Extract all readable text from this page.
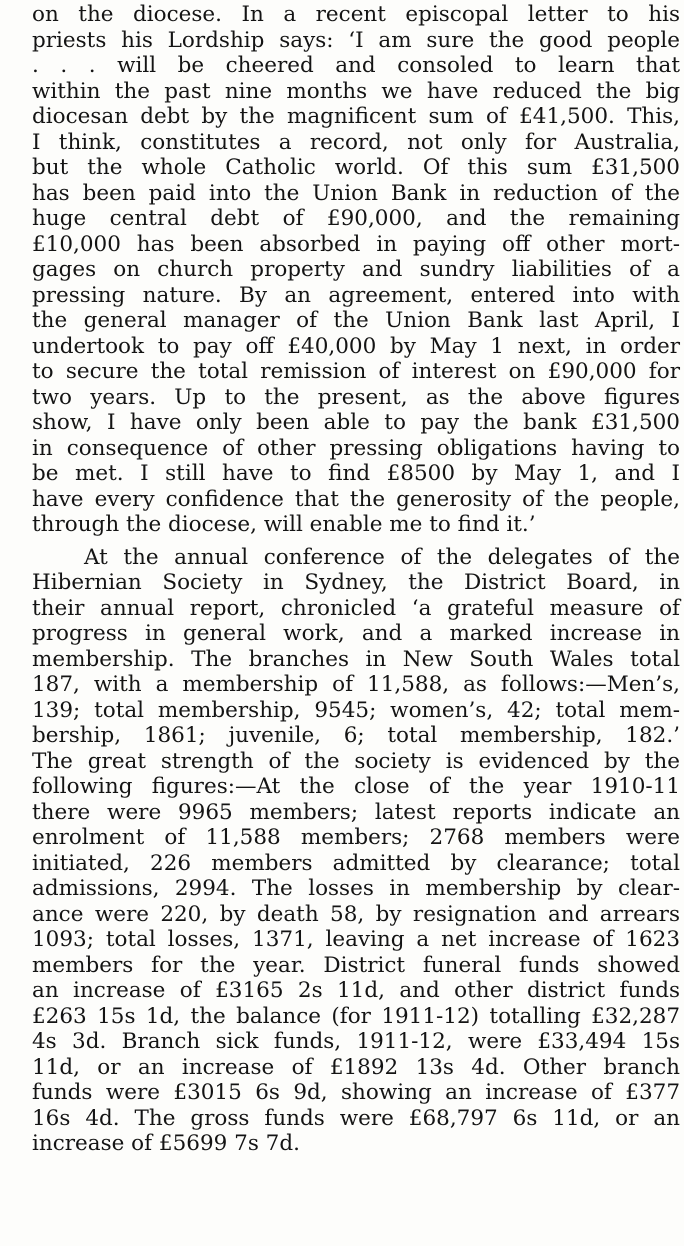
on the diocese. In a recent episcopal letter to his
priests his Lordship says: ‘I am sure the good people
. . . will be cheered and consoled to learn that
within the past nine months we have reduced the big
diocesan debt by the magnificent sum of £41,500. This,
I think, constitutes a record, not only for Australia,
but the whole Catholic world. Of this sum £31,500
has been paid into the Union Bank in reduction of the
huge central debt of £90,000, and the remaining
£10,000 has been absorbed in paying off other mort-
gages on church property and sundry liabilities of a
pressing nature. By an agreement, entered into with
the general manager of the Union Bank last April, I
undertook to pay off £40,000 by May 1 next, in order
to secure the total remission of interest on £90,000 for
two years. Up to the present, as the above figures
show, I have only been able to pay the bank £31,500
in consequence of other pressing obligations having to
be met. I still have to find £8500 by May 1, and I
have every confidence that the generosity of the people,
through the diocese, will enable me to find it.’
At the annual conference of the delegates of the
Hibernian Society in Sydney, the District Board, in
their annual report, chronicled ‘a grateful measure of
progress in general work, and a marked increase in
membership. The branches in New South Wales total
187, with a membership of 11,588, as follows:—Men’s,
139; total membership, 9545; women’s, 42; total mem-
bership, 1861; juvenile, 6; total membership, 182.’
The great strength of the society is evidenced by the
following figures:—At the close of the year 1910-11
there were 9965 members; latest reports indicate an
enrolment of 11,588 members; 2768 members were
initiated, 226 members admitted by clearance; total
admissions, 2994. The losses in membership by clear-
ance were 220, by death 58, by resignation and arrears
1093; total losses, 1371, leaving a net increase of 1623
members for the year. District funeral funds showed
an increase of £3165 2s 11d, and other district funds
£263 15s 1d, the balance (for 1911-12) totalling £32,287
4s 3d. Branch sick funds, 1911-12, were £33,494 15s
11d, or an increase of £1892 13s 4d. Other branch
funds were £3015 6s 9d, showing an increase of £377
16s 4d. The gross funds were £68,797 6s 11d, or an
increase of £5699 7s 7d.
